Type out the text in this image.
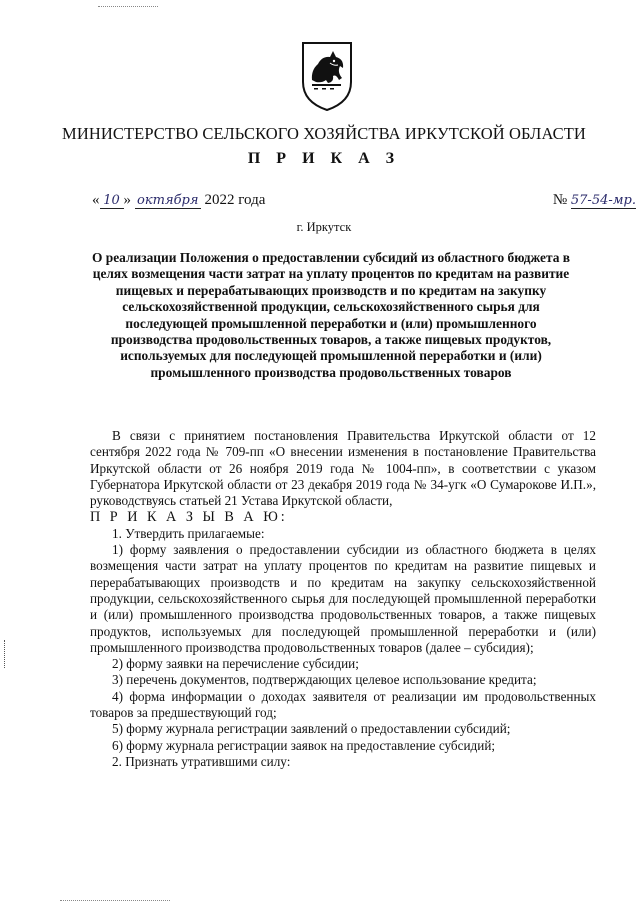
МИНИСТЕРСТВО СЕЛЬСКОГО ХОЗЯЙСТВА ИРКУТСКОЙ ОБЛАСТИ
П Р И К А З
« 10 » октября 2022 года	№ 57-54-мр.
г. Иркутск
О реализации Положения о предоставлении субсидий из областного бюджета в целях возмещения части затрат на уплату процентов по кредитам на развитие пищевых и перерабатывающих производств и по кредитам на закупку сельскохозяйственной продукции, сельскохозяйственного сырья для последующей промышленной переработки и (или) промышленного производства продовольственных товаров, а также пищевых продуктов, используемых для последующей промышленной переработки и (или) промышленного производства продовольственных товаров

В связи с принятием постановления Правительства Иркутской области от 12 сентября 2022 года № 709-пп «О внесении изменения в постановление Правительства Иркутской области от 26 ноября 2019 года № 1004-пп», в соответствии с указом Губернатора Иркутской области от 23 декабря 2019 года № 34-угк «О Сумарокове И.П.», руководствуясь статьей 21 Устава Иркутской области,

П Р И К А З Ы В А Ю:

1. Утвердить прилагаемые:

1) форму заявления о предоставлении субсидии из областного бюджета в целях возмещения части затрат на уплату процентов по кредитам на развитие пищевых и перерабатывающих производств и по кредитам на закупку сельскохозяйственной продукции, сельскохозяйственного сырья для последующей промышленной переработки и (или) промышленного производства продовольственных товаров, а также пищевых продуктов, используемых для последующей промышленной переработки и (или) промышленного производства продовольственных товаров (далее – субсидия);

2) форму заявки на перечисление субсидии;

3) перечень документов, подтверждающих целевое использование кредита;

4) форма информации о доходах заявителя от реализации им продовольственных товаров за предшествующий год;

5) форму журнала регистрации заявлений о предоставлении субсидий;

6) форму журнала регистрации заявок на предоставление субсидий;

2. Признать утратившими силу:
